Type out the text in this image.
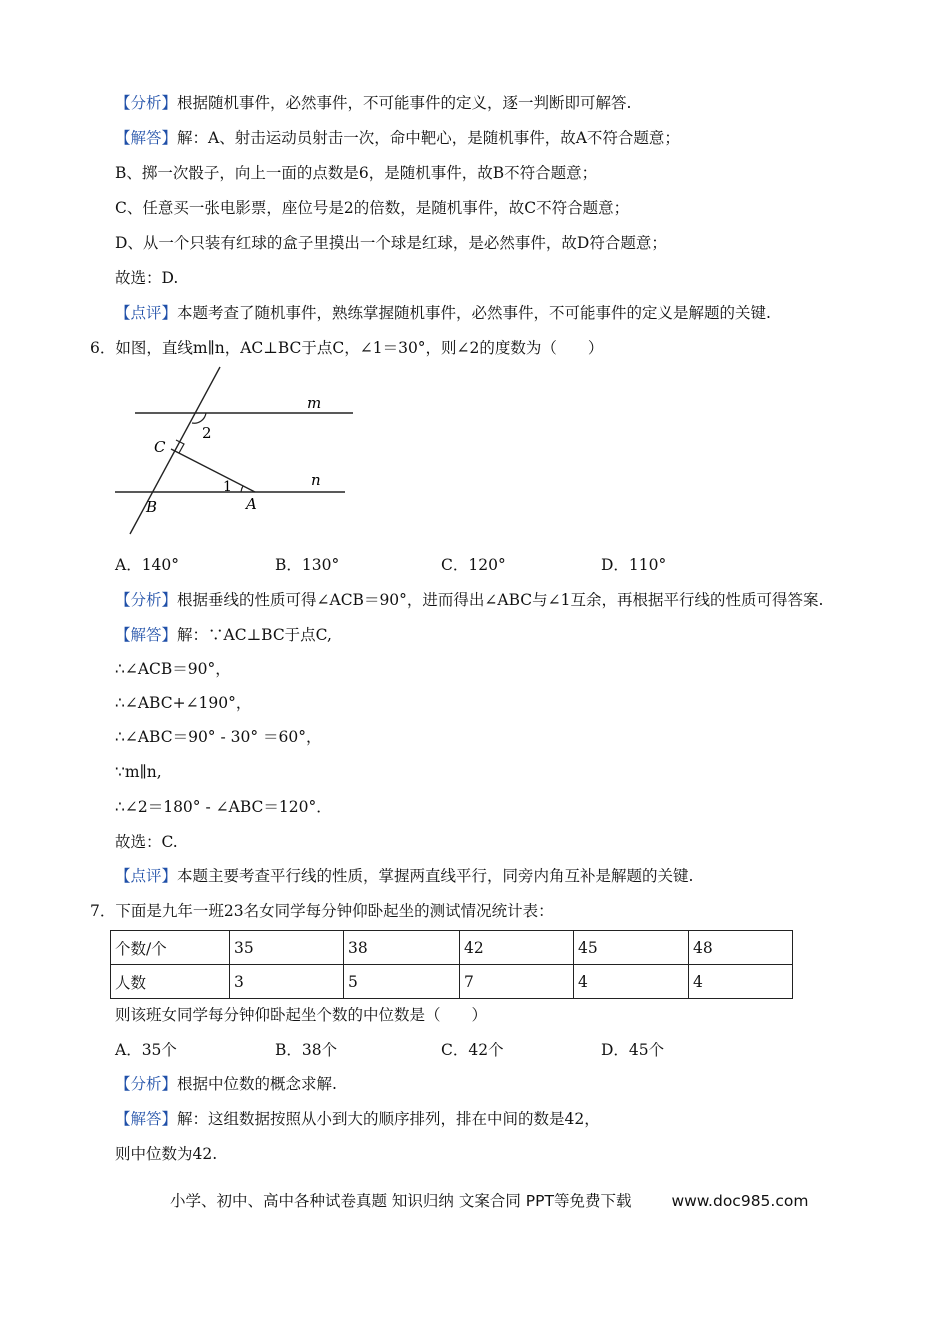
【分析】根据随机事件，必然事件，不可能事件的定义，逐一判断即可解答.
【解答】解：A、射击运动员射击一次，命中靶心，是随机事件，故A不符合题意；
B、掷一次骰子，向上一面的点数是6，是随机事件，故B不符合题意；
C、任意买一张电影票，座位号是2的倍数，是随机事件，故C不符合题意；
D、从一个只装有红球的盒子里摸出一个球是红球，是必然事件，故D符合题意；
故选：D.
【点评】本题考查了随机事件，熟练掌握随机事件，必然事件，不可能事件的定义是解题的关键.
6．如图，直线m∥n，AC⊥BC于点C，∠1＝30°，则∠2的度数为（　　）
m
n
2
C
1
A
B
A．140°	B．130°	C．120°	D．110°
【分析】根据垂线的性质可得∠ACB＝90°，进而得出∠ABC与∠1互余，再根据平行线的性质可得答案.
【解答】解：∵AC⊥BC于点C,
∴∠ACB＝90°，
∴∠ABC+∠190°，
∴∠ABC＝90° - 30° ＝60°，
∵m∥n,
∴∠2＝180° - ∠ABC＝120°．
故选：C.
【点评】本题主要考查平行线的性质，掌握两直线平行，同旁内角互补是解题的关键.
7．下面是九年一班23名女同学每分钟仰卧起坐的测试情况统计表：
个数/个	35	38	42	45	48
人数	3	5	7	4	4
则该班女同学每分钟仰卧起坐个数的中位数是（　　）
A．35个	B．38个	C．42个	D．45个
【分析】根据中位数的概念求解.
【解答】解：这组数据按照从小到大的顺序排列，排在中间的数是42，
则中位数为42.
小学、初中、高中各种试卷真题 知识归纳 文案合同 PPT等免费下载	www.doc985.com
